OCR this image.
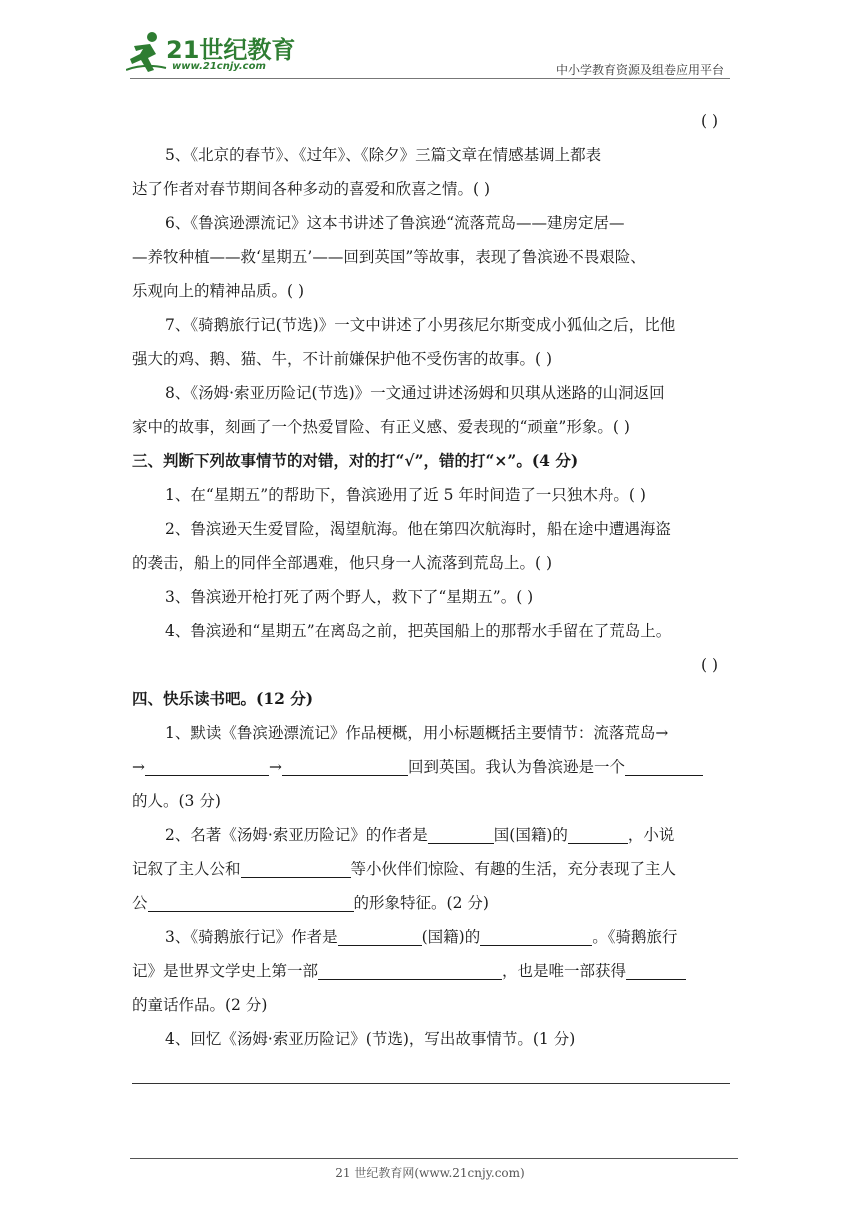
21世纪教育
www.21cnjy.com	中小学教育资源及组卷应用平台
( )
5、《北京的春节》、《过年》、《除夕》三篇文章在情感基调上都表
达了作者对春节期间各种多动的喜爱和欣喜之情。( )
6、《鲁滨逊漂流记》这本书讲述了鲁滨逊“流落荒岛——建房定居—
—养牧种植——救‘星期五’——回到英国”等故事，表现了鲁滨逊不畏艰险、
乐观向上的精神品质。( )
7、《骑鹅旅行记(节选)》一文中讲述了小男孩尼尔斯变成小狐仙之后，比他
强大的鸡、鹅、猫、牛，不计前嫌保护他不受伤害的故事。( )
8、《汤姆·索亚历险记(节选)》一文通过讲述汤姆和贝琪从迷路的山洞返回
家中的故事，刻画了一个热爱冒险、有正义感、爱表现的“顽童”形象。( )
三、判断下列故事情节的对错，对的打“√”，错的打“×”。(4 分)
1、在“星期五”的帮助下，鲁滨逊用了近 5 年时间造了一只独木舟。( )
2、鲁滨逊天生爱冒险，渴望航海。他在第四次航海时，船在途中遭遇海盗
的袭击，船上的同伴全部遇难，他只身一人流落到荒岛上。( )
3、鲁滨逊开枪打死了两个野人，救下了“星期五”。( )
4、鲁滨逊和“星期五”在离岛之前，把英国船上的那帮水手留在了荒岛上。
( )
四、快乐读书吧。(12 分)
1、默读《鲁滨逊漂流记》作品梗概，用小标题概括主要情节：流落荒岛→
→	→	回到英国。我认为鲁滨逊是一个
的人。(3 分)
2、名著《汤姆·索亚历险记》的作者是	国(国籍)的	，小说
记叙了主人公和	等小伙伴们惊险、有趣的生活，充分表现了主人
公	的形象特征。(2 分)
3、《骑鹅旅行记》作者是	(国籍)的	。《骑鹅旅行
记》是世界文学史上第一部	，也是唯一部获得
的童话作品。(2 分)
4、回忆《汤姆·索亚历险记》(节选)，写出故事情节。(1 分)
21 世纪教育网(www.21cnjy.com)
